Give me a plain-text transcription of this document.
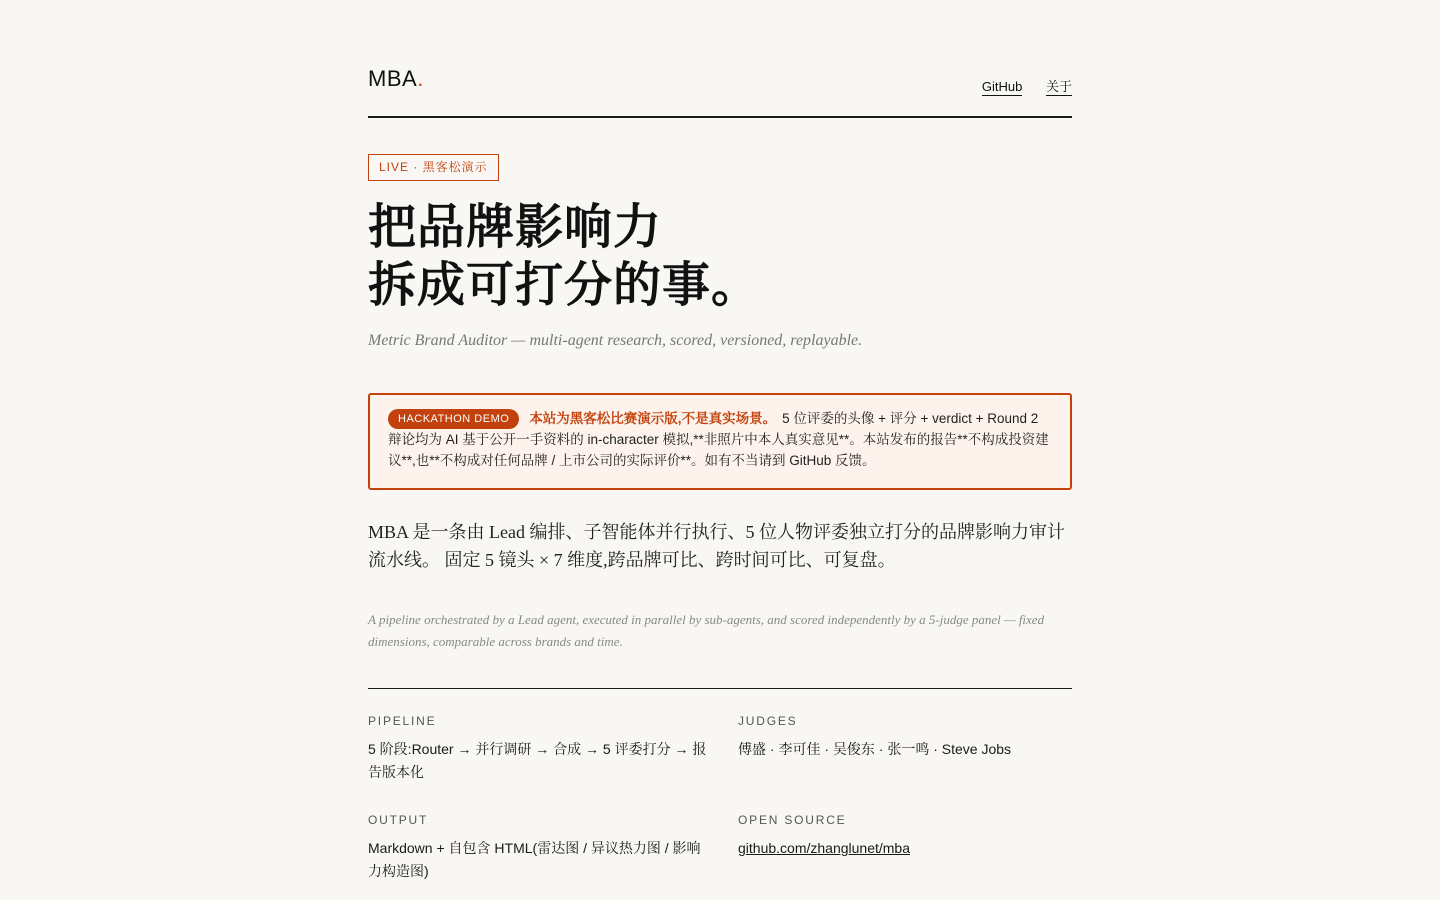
MBA.	GitHub 关于
LIVE · 黑客松演示
把品牌影响力
拆成可打分的事。
Metric Brand Auditor — multi-agent research, scored, versioned, replayable.
HACKATHON DEMO 本站为黑客松比赛演示版,不是真实场景。 5 位评委的头像 + 评分 + verdict + Round 2 辩论均为 AI 基于公开一手资料的 in-character 模拟,**非照片中本人真实意见**。本站发布的报告**不构成投资建议**,也**不构成对任何品牌 / 上市公司的实际评价**。如有不当请到 GitHub 反馈。

MBA 是一条由 Lead 编排、子智能体并行执行、5 位人物评委独立打分的品牌影响力审计流水线。 固定 5 镜头 × 7 维度,跨品牌可比、跨时间可比、可复盘。

A pipeline orchestrated by a Lead agent, executed in parallel by sub-agents, and scored independently by a 5-judge panel — fixed dimensions, comparable across brands and time.

PIPELINE
5 阶段:Router → 并行调研 → 合成 → 5 评委打分 → 报告版本化
JUDGES
傅盛 · 李可佳 · 吴俊东 · 张一鸣 · Steve Jobs
OUTPUT
Markdown + 自包含 HTML(雷达图 / 异议热力图 / 影响力构造图)
OPEN SOURCE
github.com/zhanglunet/mba
